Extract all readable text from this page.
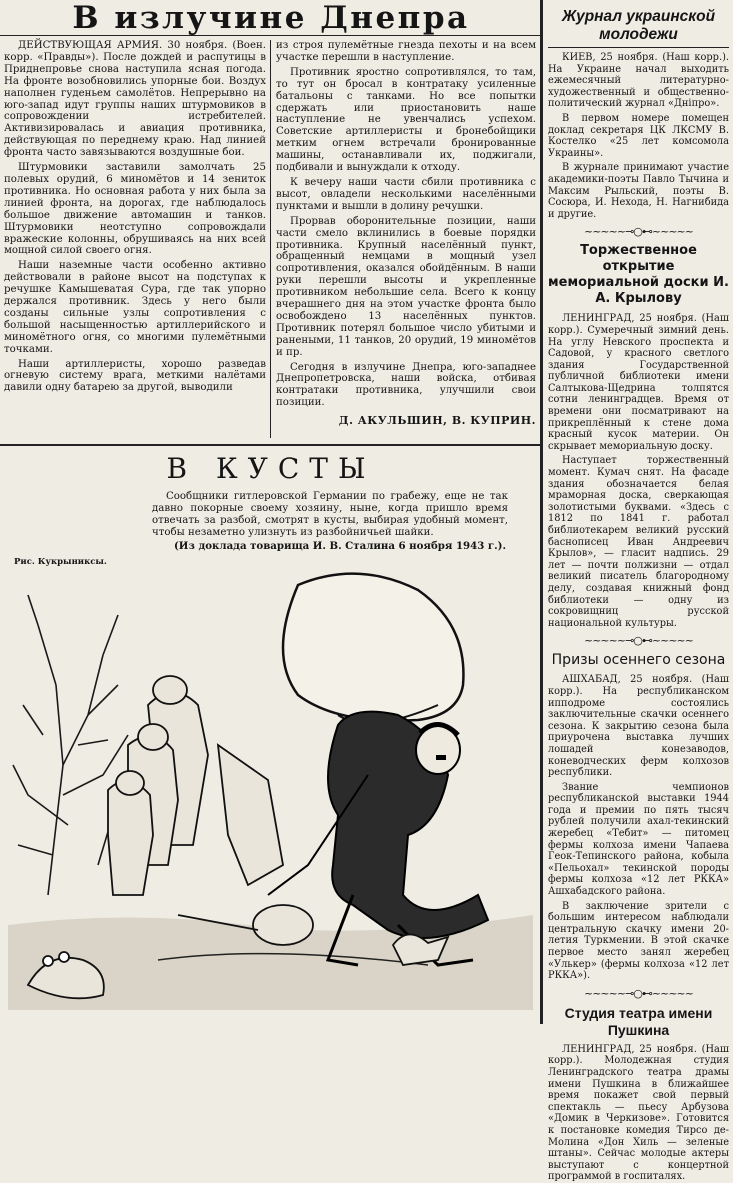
В излучине Днепра

ДЕЙСТВУЮЩАЯ АРМИЯ. 30 ноября. (Воен. корр. «Правды»). После дождей и распутицы в Приднепровье снова наступила ясная погода. На фронте возобновились упорные бои. Воздух наполнен гуденьем самолётов. Непрерывно на юго-запад идут группы наших штурмовиков в сопровождении истребителей. Активизировалась и авиация противника, действующая по переднему краю. Над линией фронта часто завязываются воздушные бои.

Штурмовики заставили замолчать 25 полевых орудий, 6 миномётов и 14 зениток противника. Но основная работа у них была за линией фронта, на дорогах, где наблюдалось большое движение автомашин и танков. Штурмовики неотступно сопровождали вражеские колонны, обрушиваясь на них всей мощной силой своего огня.

Наши наземные части особенно активно действовали в районе высот на подступах к речушке Камышеватая Сура, где так упорно держался противник. Здесь у него были созданы сильные узлы сопротивления с большой насыщенностью артиллерийского и миномётного огня, со многими пулемётными точками.

Наши артиллеристы, хорошо разведав огневую систему врага, меткими налётами давили одну батарею за другой, выводили

из строя пулемётные гнезда пехоты и на всем участке перешли в наступление.

Противник яростно сопротивлялся, то там, то тут он бросал в контратаку усиленные батальоны с танками. Но все попытки сдержать или приостановить наше наступление не увенчались успехом. Советские артиллеристы и бронебойщики метким огнем встречали бронированные машины, останавливали их, поджигали, подбивали и вынуждали к отходу.

К вечеру наши части сбили противника с высот, овладели несколькими населёнными пунктами и вышли в долину речушки.

Прорвав оборонительные позиции, наши части смело вклинились в боевые порядки противника. Крупный населённый пункт, обращенный немцами в мощный узел сопротивления, оказался обойдённым. В наши руки перешли высоты и укрепленные противником небольшие села. Всего к концу вчерашнего дня на этом участке фронта было освобождено 13 населённых пунктов. Противник потерял большое число убитыми и ранеными, 11 танков, 20 орудий, 19 миномётов и пр.

Сегодня в излучине Днепра, юго-западнее Днепропетровска, наши войска, отбивая контратаки противника, улучшили свои позиции.

Д. АКУЛЬШИН, В. КУПРИН.
В КУСТЫ

Сообщники гитлеровской Германии по грабежу, еще не так давно покорные своему хозяину, ныне, когда пришло время отвечать за разбой, смотрят в кусты, выбирая удобный момент, чтобы незаметно улизнуть из разбойничьей шайки.

(Из доклада товарища И. В. Сталина 6 ноября 1943 г.).

Рис. Кукрыниксы.
Журнал украинской молодежи

КИЕВ, 25 ноября. (Наш корр.). На Украине начал выходить ежемесячный литературно-художественный и общественно-политический журнал «Дніпро».

В первом номере помещен доклад секретаря ЦК ЛКСМУ В. Костелко «25 лет комсомола Украины».

В журнале принимают участие академики-поэты Павло Тычина и Максим Рыльский, поэты В. Сосюра, И. Нехода, Н. Нагнибида и другие.

~~~~~⊸○⊷~~~~~
Торжественное открытие мемориальной доски И. А. Крылову

ЛЕНИНГРАД, 25 ноября. (Наш корр.). Сумеречный зимний день. На углу Невского проспекта и Садовой, у красного светлого здания Государственной публичной библиотеки имени Салтыкова-Щедрина толпятся сотни ленинградцев. Время от времени они посматривают на прикреплённый к стене дома красный кусок материи. Он скрывает мемориальную доску.

Наступает торжественный момент. Кумач снят. На фасаде здания обозначается белая мраморная доска, сверкающая золотистыми буквами. «Здесь с 1812 по 1841 г. работал библиотекарем великий русский баснописец Иван Андреевич Крылов», — гласит надпись. 29 лет — почти полжизни — отдал великий писатель благородному делу, создавая книжный фонд библиотеки — одну из сокровищниц русской национальной культуры.

~~~~~⊸○⊷~~~~~
Призы осеннего сезона

АШХАБАД, 25 ноября. (Наш корр.). На республиканском ипподроме состоялись заключительные скачки осеннего сезона. К закрытию сезона была приурочена выставка лучших лошадей конезаводов, коневодческих ферм колхозов республики.

Звание чемпионов республиканской выставки 1944 года и премии по пять тысяч рублей получили ахал-текинский жеребец «Тебит» — питомец фермы колхоза имени Чапаева Геок-Тепинского района, кобыла «Пельохал» текинской породы фермы колхоза «12 лет РККА» Ашхабадского района.

В заключение зрители с большим интересом наблюдали центральную скачку имени 20-летия Туркмении. В этой скачке первое место занял жеребец «Улькер» (фермы колхоза «12 лет РККА»).

~~~~~⊸○⊷~~~~~
Студия театра имени Пушкина

ЛЕНИНГРАД, 25 ноября. (Наш корр.). Молодежная студия Ленинградского театра драмы имени Пушкина в ближайшее время покажет свой первый спектакль — пьесу Арбузова «Домик в Черкизове». Готовится к постановке комедия Тирсо де-Молина «Дон Хиль — зеленые штаны». Сейчас молодые актеры выступают с концертной программой в госпиталях.
